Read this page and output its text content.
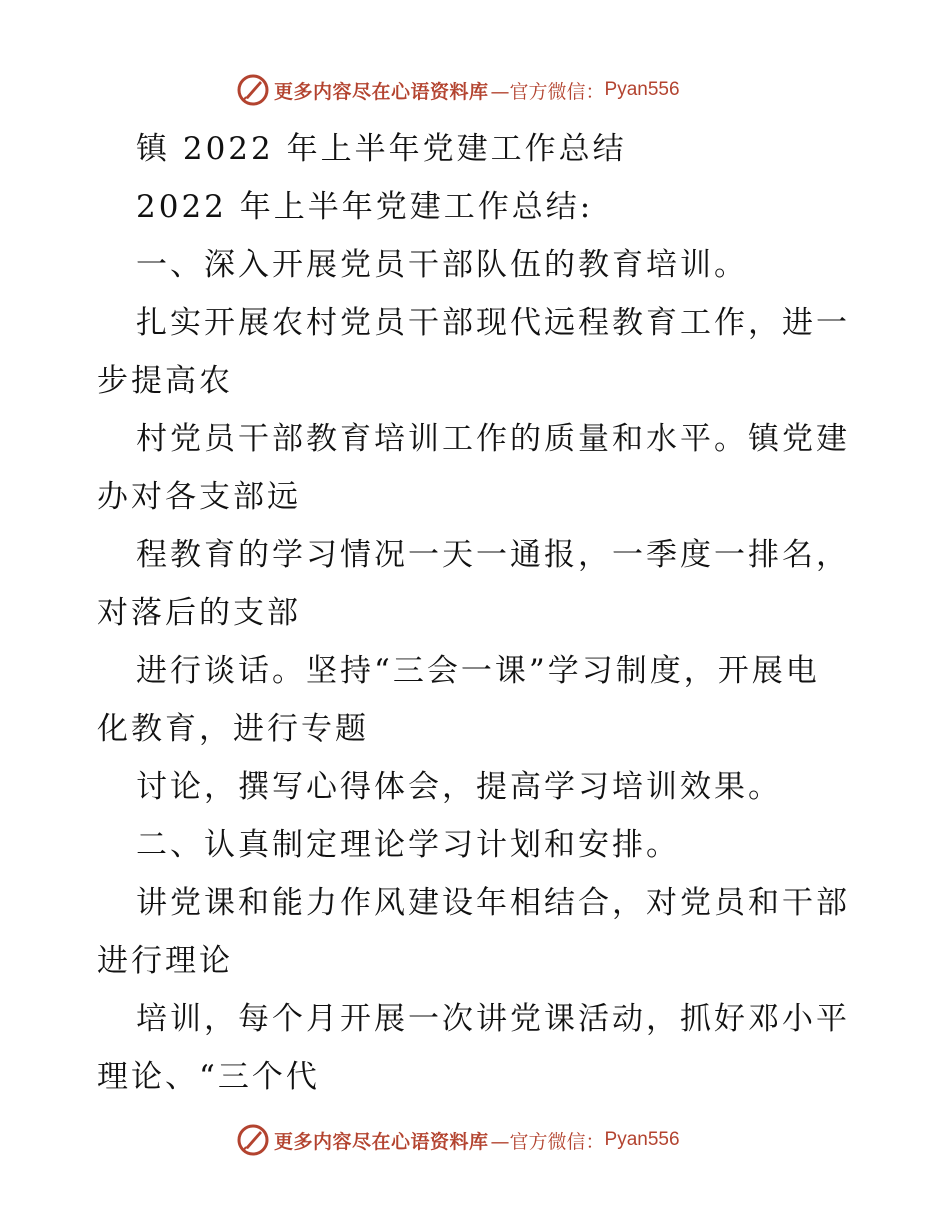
更多内容尽在心语资料库 —官方微信： Pyan556
镇 2022 年上半年党建工作总结
2022 年上半年党建工作总结:
一、深入开展党员干部队伍的教育培训。
扎实开展农村党员干部现代远程教育工作，进一
步提高农
村党员干部教育培训工作的质量和水平。镇党建
办对各支部远
程教育的学习情况一天一通报，一季度一排名，
对落后的支部
进行谈话。坚持“三会一课”学习制度，开展电
化教育，进行专题
讨论，撰写心得体会，提高学习培训效果。
二、认真制定理论学习计划和安排。
讲党课和能力作风建设年相结合，对党员和干部
进行理论
培训，每个月开展一次讲党课活动，抓好邓小平
理论、“三个代
更多内容尽在心语资料库 —官方微信： Pyan556
